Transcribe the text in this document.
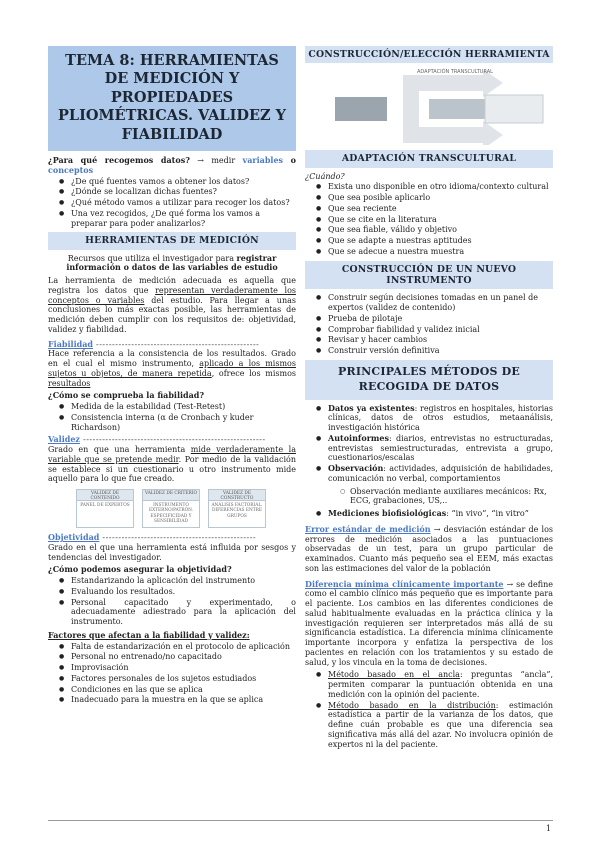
TEMA 8: HERRAMIENTAS DE MEDICIÓN Y PROPIEDADES PLIOMÉTRICAS. VALIDEZ Y FIABILIDAD

¿Para qué recogemos datos? → medir variables o conceptos

● ¿De qué fuentes vamos a obtener los datos?
● ¿Dónde se localizan dichas fuentes?
● ¿Qué método vamos a utilizar para recoger los datos?
● Una vez recogidos, ¿De qué forma los vamos a preparar para poder analizarlos?
HERRAMIENTAS DE MEDICIÓN

Recursos que utiliza el investigador para registrar información o datos de las variables de estudio

La herramienta de medición adecuada es aquella que registra los datos que representan verdaderamente los conceptos o variables del estudio. Para llegar a unas conclusiones lo más exactas posible, las herramientas de medición deben cumplir con los requisitos de: objetividad, validez y fiabilidad.

Fiabilidad ---------------------------------------------------

Hace referencia a la consistencia de los resultados. Grado en el cual el mismo instrumento, aplicado a los mismos sujetos u objetos, de manera repetida, ofrece los mismos resultados

¿Cómo se comprueba la fiabilidad?

● Medida de la estabilidad (Test-Retest)
● Consistencia interna (α de Cronbach y kuder Richardson)
Validez ---------------------------------------------------------

Grado en que una herramienta mide verdaderamente la variable que se pretende medir. Por medio de la validación se establece si un cuestionario u otro instrumento mide aquello para lo que fue creado.

VALIDEZ DE CONTENIDO
PANEL DE EXPERTOS
VALIDEZ DE CRITERIO
INSTRUMENTO EXTERNO/PATRÓN. ESPECIFICIDAD Y SENSIBILIDAD
VALIDEZ DE CONSTRUCTO
ANÁLISIS FACTORIAL. DIFERENCIAS ENTRE GRUPOS
Objetividad ------------------------------------------------

Grado en el que una herramienta está influida por sesgos y tendencias del investigador.

¿Cómo podemos asegurar la objetividad?

● Estandarizando la aplicación del instrumento
● Evaluando los resultados.
● Personal capacitado y experimentado, o adecuadamente adiestrado para la aplicación del instrumento.

Factores que afectan a la fiabilidad y validez:

● Falta de estandarización en el protocolo de aplicación
● Personal no entrenado/no capacitado
● Improvisación
● Factores personales de los sujetos estudiados
● Condiciones en las que se aplica
● Inadecuado para la muestra en la que se aplica
CONSTRUCCIÓN/ELECCIÓN HERRAMIENTA
ADAPTACIÓN TRANSCULTURAL
ADAPTACIÓN TRANSCULTURAL

¿Cuándo?

● Exista uno disponible en otro idioma/contexto cultural
● Que sea posible aplicarlo
● Que sea reciente
● Que se cite en la literatura
● Que sea fiable, válido y objetivo
● Que se adapte a nuestras aptitudes
● Que se adecue a nuestra muestra
CONSTRUCCIÓN DE UN NUEVO INSTRUMENTO
● Construir según decisiones tomadas en un panel de expertos (validez de contenido)
● Prueba de pilotaje
● Comprobar fiabilidad y validez inicial
● Revisar y hacer cambios
● Construir versión definitiva
PRINCIPALES MÉTODOS DE RECOGIDA DE DATOS
● Datos ya existentes: registros en hospitales, historias clínicas, datos de otros estudios, metaanálisis, investigación histórica
● Autoinformes: diarios, entrevistas no estructuradas, entrevistas semiestructuradas, entrevista a grupo, cuestionarios/escalas
● Observación: actividades, adquisición de habilidades, comunicación no verbal, comportamientos
○ Observación mediante auxiliares mecánicos: Rx, ECG, grabaciones, US,..
● Mediciones biofisiológicas: “in vivo”, “in vitro”

Error estándar de medición → desviación estándar de los errores de medición asociados a las puntuaciones observadas de un test, para un grupo particular de examinados. Cuanto más pequeño sea el EEM, más exactas son las estimaciones del valor de la población

Diferencia mínima clínicamente importante → se define como el cambio clínico más pequeño que es importante para el paciente. Los cambios en las diferentes condiciones de salud habitualmente evaluadas en la práctica clínica y la investigación requieren ser interpretados más allá de su significancia estadística. La diferencia mínima clínicamente importante incorpora y enfatiza la perspectiva de los pacientes en relación con los tratamientos y su estado de salud, y los vincula en la toma de decisiones.

● Método basado en el ancla: preguntas “ancla”, permiten comparar la puntuación obtenida en una medición con la opinión del paciente.
● Método basado en la distribución: estimación estadística a partir de la varianza de los datos, que define cuán probable es que una diferencia sea significativa más allá del azar. No involucra opinión de expertos ni la del paciente.
1
